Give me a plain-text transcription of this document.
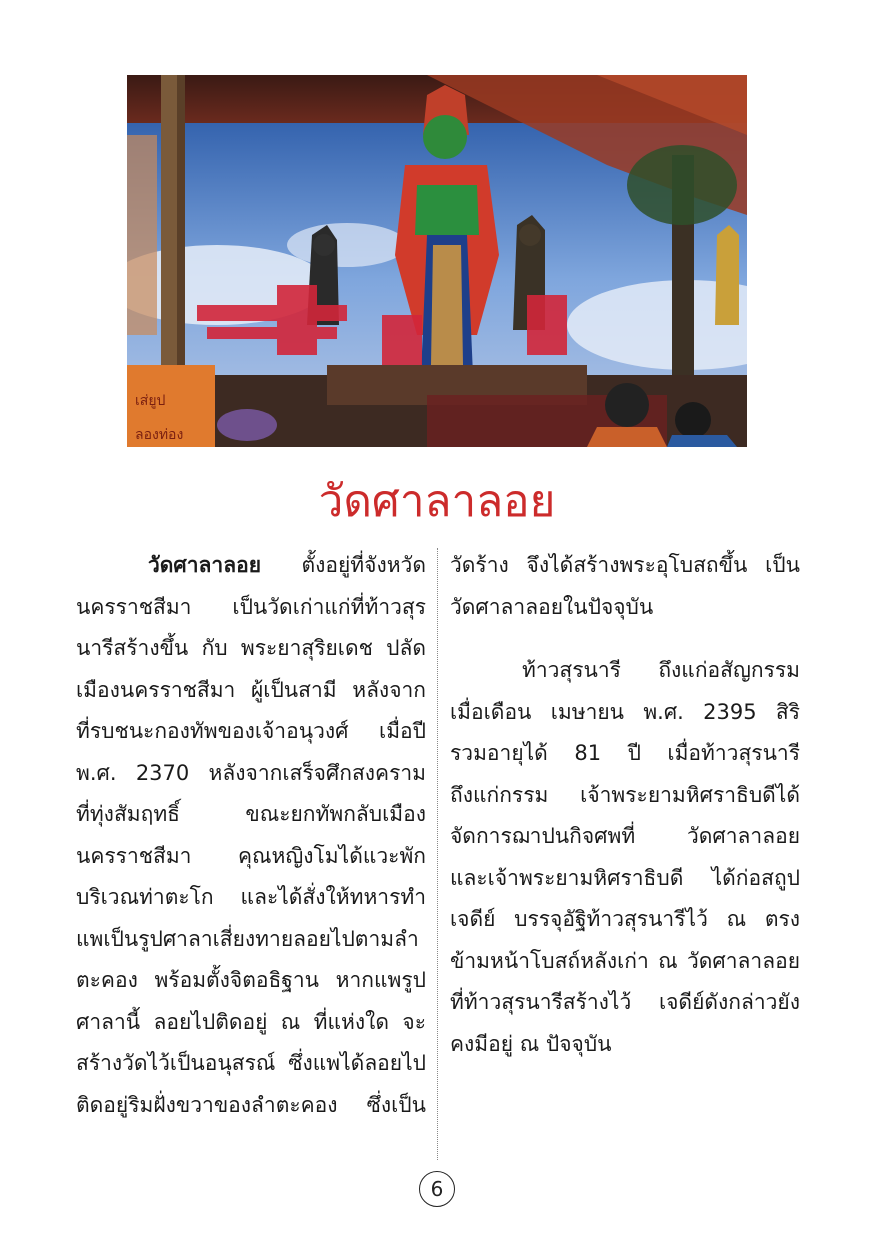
เส่ยูป
ลองท่อง
วัดศาลาลอย
วัดศาลาลอย ตั้งอยู่ที่จังหวัด
นครราชสีมา เป็นวัดเก่าแก่ที่ท้าวสุร
นารีสร้างขึ้น กับ พระยาสุริยเดช ปลัด
เมืองนครราชสีมา ผู้เป็นสามี หลังจาก
ที่รบชนะกองทัพของเจ้าอนุวงศ์ เมื่อปี
พ.ศ. 2370 หลังจากเสร็จศึกสงคราม
ที่ทุ่งสัมฤทธิ์ ขณะยกทัพกลับเมือง
นครราชสีมา คุณหญิงโมได้แวะพัก
บริเวณท่าตะโก และได้สั่งให้ทหารทำ
แพเป็นรูปศาลาเสี่ยงทายลอยไปตามลำ
ตะคอง พร้อมตั้งจิตอธิฐาน หากแพรูป
ศาลานี้ ลอยไปติดอยู่ ณ ที่แห่งใด จะ
สร้างวัดไว้เป็นอนุสรณ์ ซึ่งแพได้ลอยไป
ติดอยู่ริมฝั่งขวาของลำตะคอง ซึ่งเป็น
วัดร้าง จึงได้สร้างพระอุโบสถขึ้น เป็น
วัดศาลาลอยในปัจจุบัน
ท้าวสุรนารี ถึงแก่อสัญกรรม
เมื่อเดือน เมษายน พ.ศ. 2395 สิริ
รวมอายุได้ 81 ปี เมื่อท้าวสุรนารี
ถึงแก่กรรม เจ้าพระยามหิศราธิบดีได้
จัดการฌาปนกิจศพที่ วัดศาลาลอย
และเจ้าพระยามหิศราธิบดี ได้ก่อสถูป
เจดีย์ บรรจุอัฐิท้าวสุรนารีไว้ ณ ตรง
ข้ามหน้าโบสถ์หลังเก่า ณ วัดศาลาลอย
ที่ท้าวสุรนารีสร้างไว้ เจดีย์ดังกล่าวยัง
คงมีอยู่ ณ ปัจจุบัน
6
